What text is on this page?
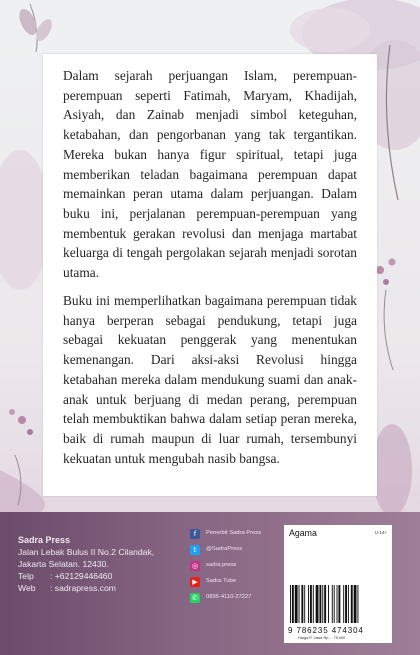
Dalam sejarah perjuangan Islam, perempuan-perempuan seperti Fatimah, Maryam, Khadijah, Asiyah, dan Zainab menjadi simbol keteguhan, ketabahan, dan pengorbanan yang tak tergantikan. Mereka bukan hanya figur spiritual, tetapi juga memberikan teladan bagaimana perempuan dapat memainkan peran utama dalam perjuangan. Dalam buku ini, perjalanan perempuan-perempuan yang membentuk gerakan revolusi dan menjaga martabat keluarga di tengah pergolakan sejarah menjadi sorotan utama.

Buku ini memperlihatkan bagaimana perempuan tidak hanya berperan sebagai pendukung, tetapi juga sebagai kekuatan penggerak yang menentukan kemenangan. Dari aksi-aksi Revolusi hingga ketabahan mereka dalam mendukung suami dan anak-anak untuk berjuang di medan perang, perempuan telah membuktikan bahwa dalam setiap peran mereka, baik di rumah maupun di luar rumah, tersembunyi kekuatan untuk mengubah nasib bangsa.

Sadra Press
Jalan Lebak Bulus II No.2 Cilandak,
Jakarta Selatan. 12430.
Telp : +62129446460
Web : sadrapress.com
f	Penerbit Sadra Press
t	@SadraPress
◎	sadra.press
▶	Sadra Tube
✆	0895-4110-27227
Agama	U-14+
9 786235 474304
Harga P. Jawa Rp.... 75.000
